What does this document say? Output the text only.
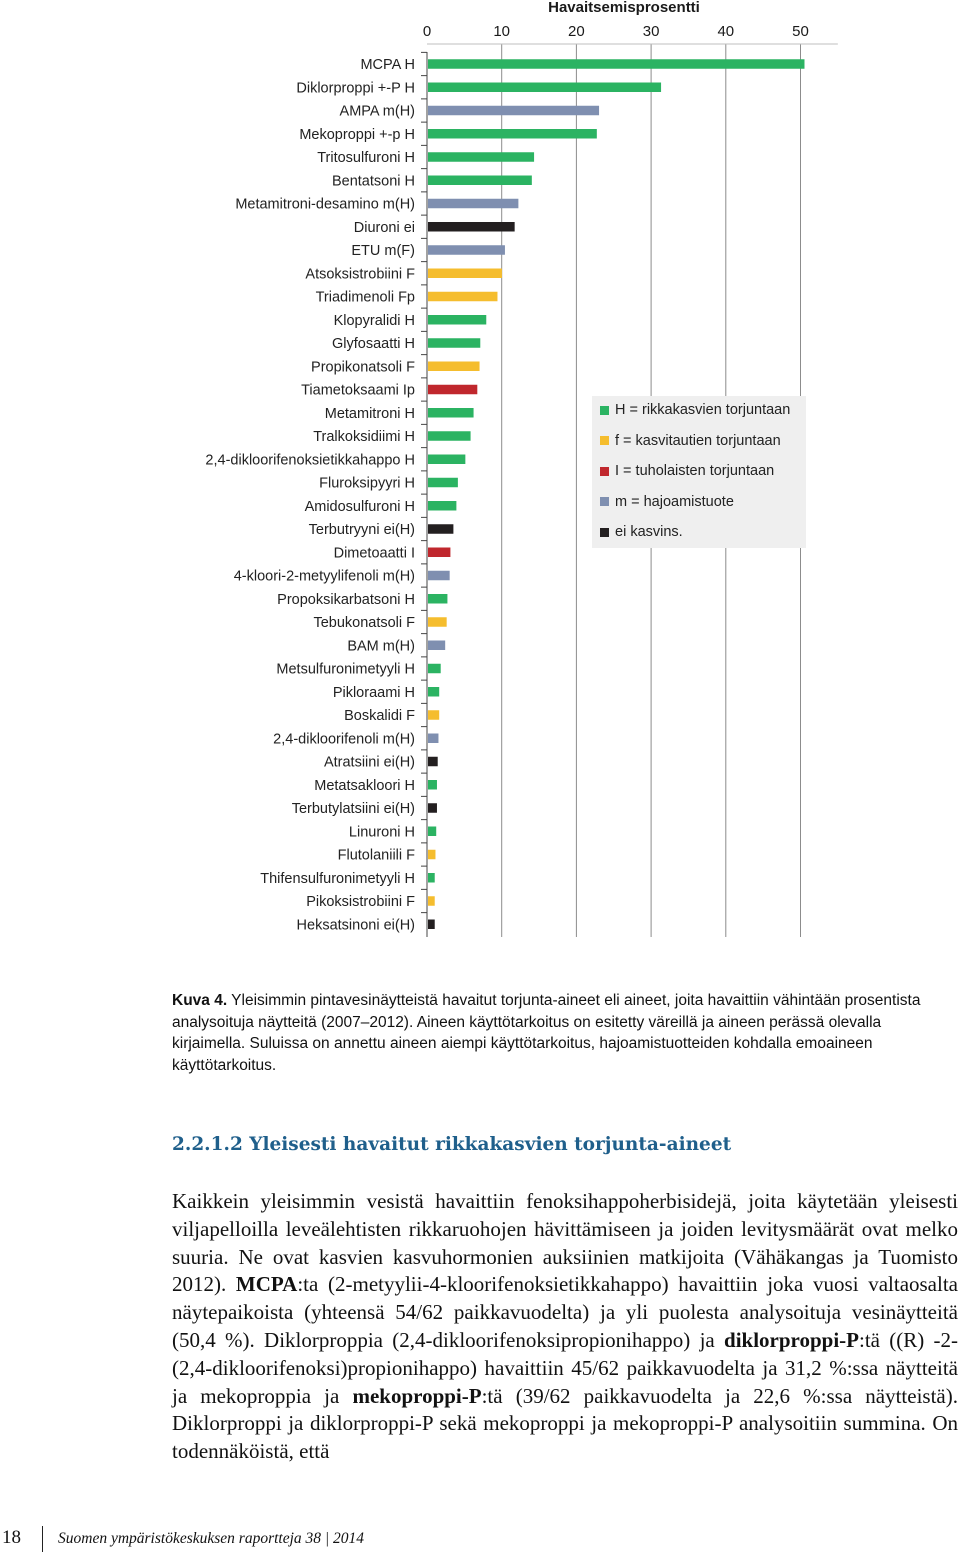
Havaitsemisprosentti
0	10	20	30	40	50
MCPA H
Diklorproppi +-P H
AMPA m(H)
Mekoproppi +-p H
Tritosulfuroni H
Bentatsoni H
Metamitroni-desamino m(H)
Diuroni ei
ETU m(F)
Atsoksistrobiini F
Triadimenoli Fp
Klopyralidi H
Glyfosaatti H
Propikonatsoli F
Tiametoksaami Ip
Metamitroni H
Tralkoksidiimi H
2,4-dikloorifenoksietikkahappo H
Fluroksipyyri H
Amidosulfuroni H
Terbutryyni ei(H)
Dimetoaatti I
4-kloori-2-metyylifenoli m(H)
Propoksikarbatsoni H
Tebukonatsoli F
BAM m(H)
Metsulfuronimetyyli H
Pikloraami H
Boskalidi F
2,4-dikloorifenoli m(H)
Atratsiini ei(H)
Metatsakloori H
Terbutylatsiini ei(H)
Linuroni H
Flutolaniili F
Thifensulfuronimetyyli H
Pikoksistrobiini F
Heksatsinoni ei(H)
H = rikkakasvien torjuntaan
f = kasvitautien torjuntaan
I = tuholaisten torjuntaan
m = hajoamistuote
ei kasvins.
Kuva 4. Yleisimmin pintavesinäytteistä havaitut torjunta-aineet eli aineet, joita havaittiin vähintään prosentista analysoituja näytteitä (2007–2012). Aineen käyttötarkoitus on esitetty väreillä ja aineen perässä olevalla kirjaimella. Suluissa on annettu aineen aiempi käyttötarkoitus, hajoamistuotteiden kohdalla emoaineen käyttötarkoitus.
2.2.1.2 Yleisesti havaitut rikkakasvien torjunta-aineet
Kaikkein yleisimmin vesistä havaittiin fenoksihappoherbisidejä, joita käytetään yleisesti viljapelloilla leveälehtisten rikkaruohojen hävittämiseen ja joiden levitysmäärät ovat melko suuria. Ne ovat kasvien kasvuhormonien auksiinien matkijoita (Vähäkangas ja Tuomisto 2012). MCPA:ta (2-metyylii-4-kloorifenoksietikkahappo) havaittiin joka vuosi valtaosalta näytepaikoista (yhteensä 54/62 paikkavuodelta) ja yli puolesta analysoituja vesinäytteitä (50,4 %). Diklorproppia (2,4-dikloorifenoksipropionihappo) ja diklorproppi-P:tä ((R) -2-(2,4-dikloorifenoksi)propionihappo) havaittiin 45/62 paikkavuodelta ja 31,2 %:ssa näytteitä ja mekoproppia ja mekoproppi-P:tä (39/62 paikkavuodelta ja 22,6 %:ssa näytteistä). Diklorproppi ja diklorproppi-P sekä mekoproppi ja mekoproppi-P analysoitiin summina. On todennäköistä, että
18 Suomen ympäristökeskuksen raportteja 38 | 2014
